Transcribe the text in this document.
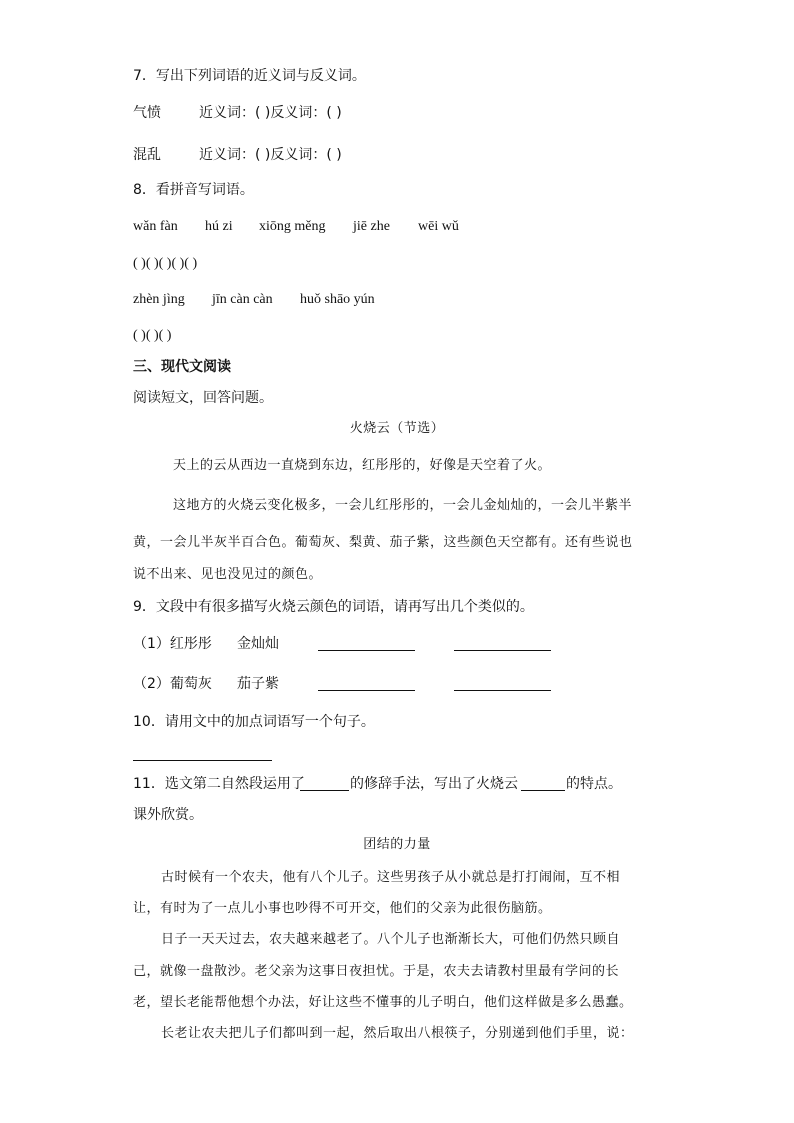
7．写出下列词语的近义词与反义词。
气愤	近义词：( )反义词：( )
混乱	近义词：( )反义词：( )
8．看拼音写词语。
wǎn fàn hú zi xiōng měng jiē zhe wēi wǔ
( )( )( )( )( )
zhèn jìng jīn càn càn huǒ shāo yún
( )( )( )
三、现代文阅读
阅读短文，回答问题。
火烧云（节选）
天上的云从西边一直烧到东边，红彤彤的，好像是天空着了火。
这地方的火烧云变化极多，一会儿红彤彤的，一会儿金灿灿的，一会儿半紫半
黄，一会儿半灰半百合色。葡萄灰、梨黄、茄子紫，这些颜色天空都有。还有些说也
说不出来、见也没见过的颜色。
9．文段中有很多描写火烧云颜色的词语，请再写出几个类似的。
（1）红彤彤 金灿灿
（2）葡萄灰 茄子紫
10．请用文中的加点词语写一个句子。
11．选文第二自然段运用了	的修辞手法，写出了火烧云	的特点。
课外欣赏。
团结的力量
古时候有一个农夫，他有八个儿子。这些男孩子从小就总是打打闹闹，互不相
让，有时为了一点儿小事也吵得不可开交，他们的父亲为此很伤脑筋。
日子一天天过去，农夫越来越老了。八个儿子也渐渐长大，可他们仍然只顾自
己，就像一盘散沙。老父亲为这事日夜担忧。于是，农夫去请教村里最有学问的长
老，望长老能帮他想个办法，好让这些不懂事的儿子明白，他们这样做是多么愚蠢。
长老让农夫把儿子们都叫到一起，然后取出八根筷子，分别递到他们手里，说：
